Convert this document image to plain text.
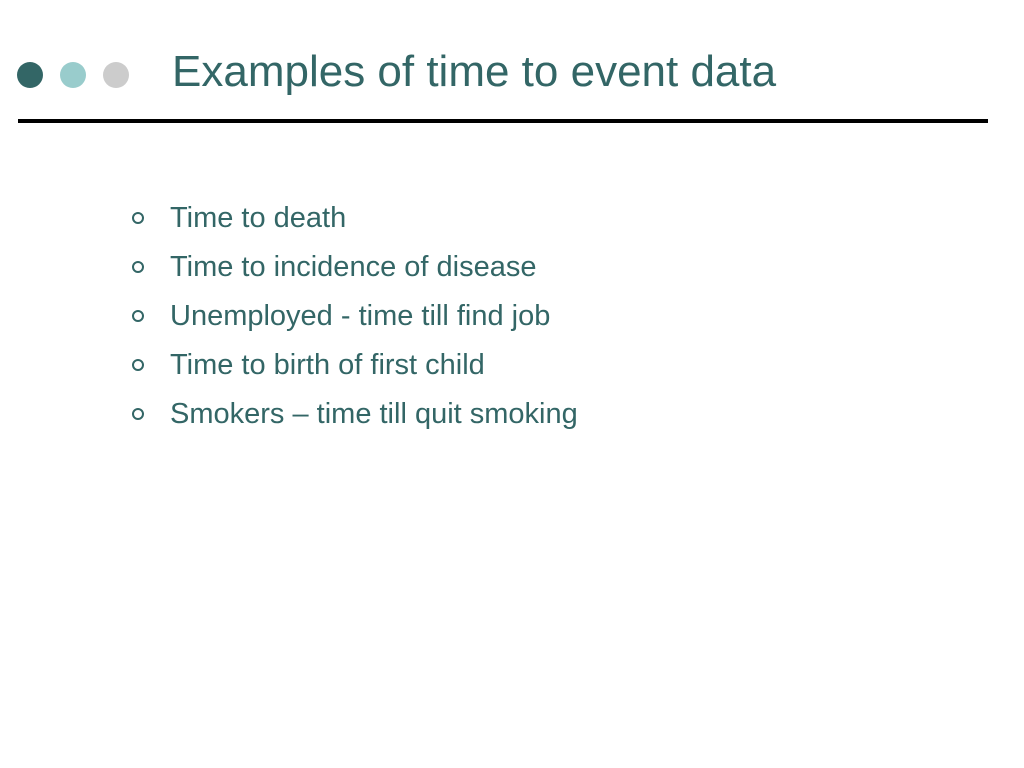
Examples of time to event data
Time to death
Time to incidence of disease
Unemployed - time till find job
Time to birth of first child
Smokers – time till quit smoking
